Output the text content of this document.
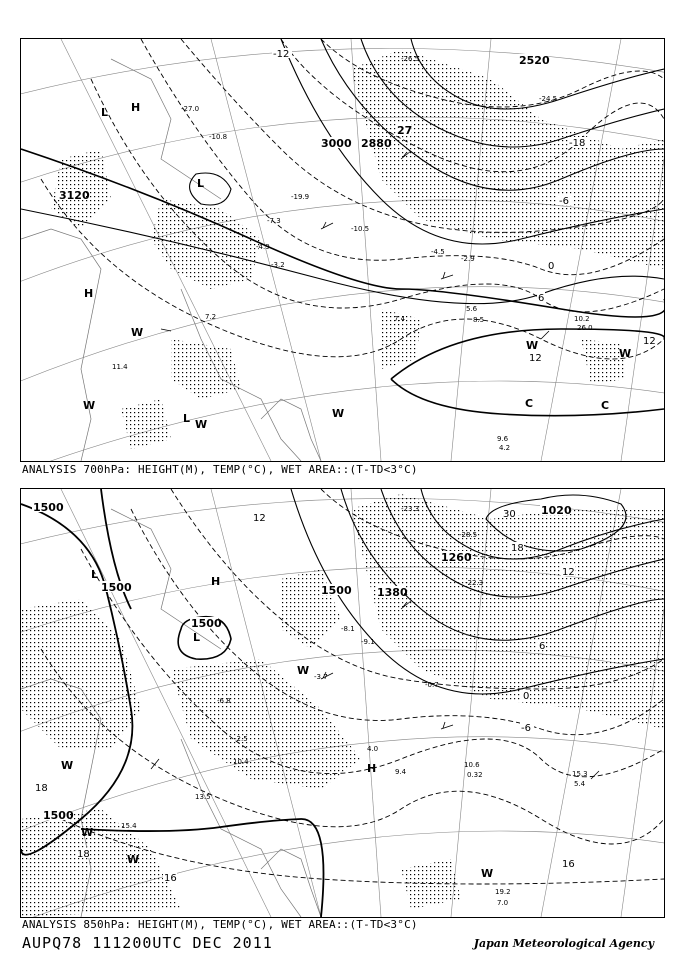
3120
3000 2880
27
2520
-12
-18
-6
0
6
12
12
L H
L
H
W
W
L W
W
W
W
C	C
-27.0
-10.8
-26.5
-24.5
-19.9
-7.3
-4.9
-3.2
-10.5
-4.5
-2.9
5.6
8.5	10.2
26.0
7.4
7.2
11.4
9.6
4.2
ANALYSIS 700hPa: HEIGHT(M), TEMP(°C), WET AREA::(T-TD<3°C)
1500
1500
1500
1500 1380
1260
1020
1500
12
18
12
6
0
-6
30
18
18
16
16
L
H
L
W
H
W
W
W
W
-23.3
-28.5
-22.3
-9.1
-8.1
-6.8
-3.7
-0.7
-2.5
10.4
13.5
15.4
10.6
0.32	15.3
5.4
19.2
7.0
4.0
9.4
ANALYSIS 850hPa: HEIGHT(M), TEMP(°C), WET AREA::(T-TD<3°C)
AUPQ78 111200UTC DEC 2011	Japan Meteorological Agency
